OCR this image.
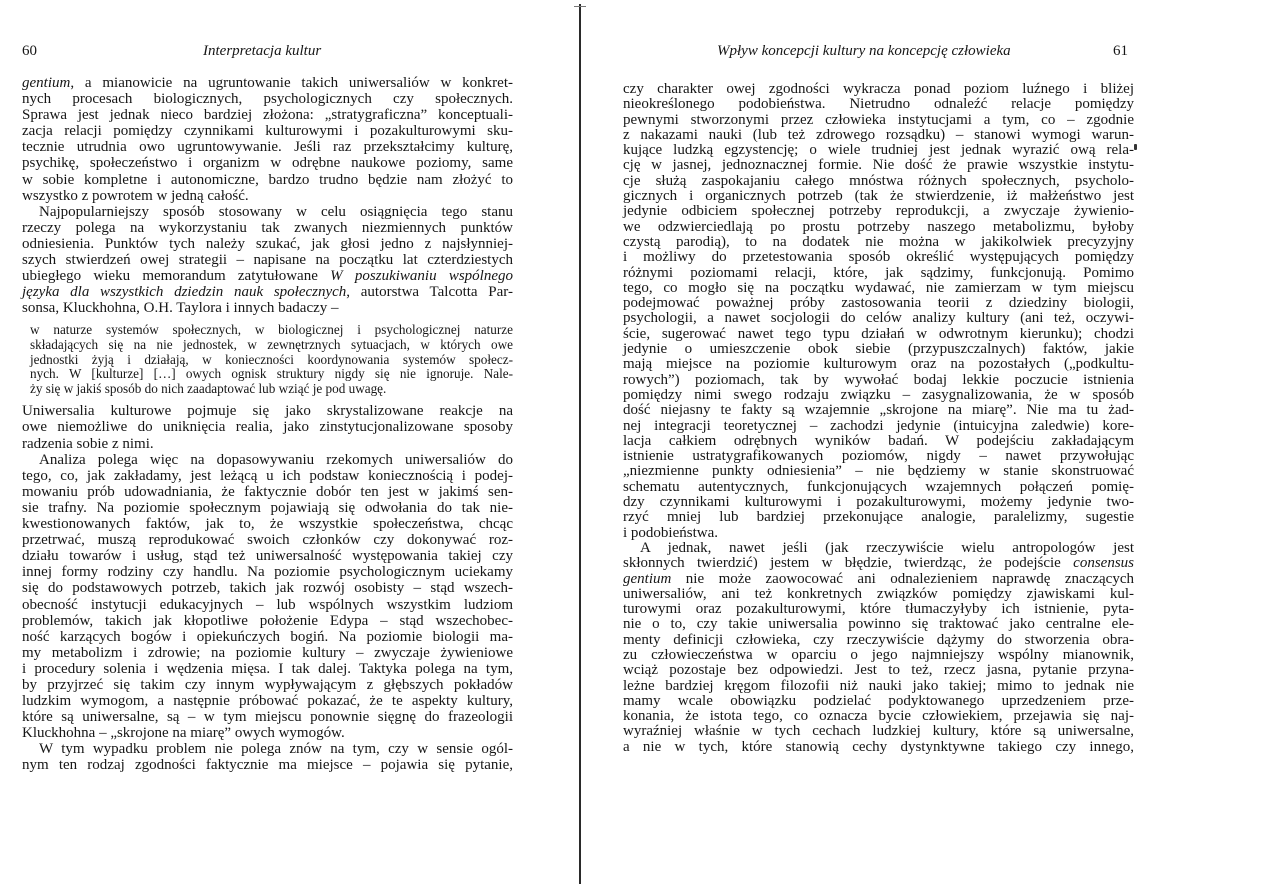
60	Interpretacja kultur
gentium, a mianowicie na ugruntowanie takich uniwersaliów w konkret-
nych procesach biologicznych, psychologicznych czy społecznych.
Sprawa jest jednak nieco bardziej złożona: „stratygraficzna” konceptuali-
zacja relacji pomiędzy czynnikami kulturowymi i pozakulturowymi sku-
tecznie utrudnia owo ugruntowywanie. Jeśli raz przekształcimy kulturę,
psychikę, społeczeństwo i organizm w odrębne naukowe poziomy, same
w sobie kompletne i autonomiczne, bardzo trudno będzie nam złożyć to
wszystko z powrotem w jedną całość.
Najpopularniejszy sposób stosowany w celu osiągnięcia tego stanu
rzeczy polega na wykorzystaniu tak zwanych niezmiennych punktów
odniesienia. Punktów tych należy szukać, jak głosi jedno z najsłynniej-
szych stwierdzeń owej strategii – napisane na początku lat czterdziestych
ubiegłego wieku memorandum zatytułowane W poszukiwaniu wspólnego
języka dla wszystkich dziedzin nauk społecznych, autorstwa Talcotta Par-
sonsa, Kluckhohna, O.H. Taylora i innych badaczy –
w naturze systemów społecznych, w biologicznej i psychologicznej naturze
składających się na nie jednostek, w zewnętrznych sytuacjach, w których owe
jednostki żyją i działają, w konieczności koordynowania systemów społecz-
nych. W [kulturze] […] owych ognisk struktury nigdy się nie ignoruje. Nale-
ży się w jakiś sposób do nich zaadaptować lub wziąć je pod uwagę.
Uniwersalia kulturowe pojmuje się jako skrystalizowane reakcje na
owe niemożliwe do uniknięcia realia, jako zinstytucjonalizowane sposoby
radzenia sobie z nimi.
Analiza polega więc na dopasowywaniu rzekomych uniwersaliów do
tego, co, jak zakładamy, jest leżącą u ich podstaw koniecznością i podej-
mowaniu prób udowadniania, że faktycznie dobór ten jest w jakimś sen-
sie trafny. Na poziomie społecznym pojawiają się odwołania do tak nie-
kwestionowanych faktów, jak to, że wszystkie społeczeństwa, chcąc
przetrwać, muszą reprodukować swoich członków czy dokonywać roz-
działu towarów i usług, stąd też uniwersalność występowania takiej czy
innej formy rodziny czy handlu. Na poziomie psychologicznym uciekamy
się do podstawowych potrzeb, takich jak rozwój osobisty – stąd wszech-
obecność instytucji edukacyjnych – lub wspólnych wszystkim ludziom
problemów, takich jak kłopotliwe położenie Edypa – stąd wszechobec-
ność karzących bogów i opiekuńczych bogiń. Na poziomie biologii ma-
my metabolizm i zdrowie; na poziomie kultury – zwyczaje żywieniowe
i procedury solenia i wędzenia mięsa. I tak dalej. Taktyka polega na tym,
by przyjrzeć się takim czy innym wypływającym z głębszych pokładów
ludzkim wymogom, a następnie próbować pokazać, że te aspekty kultury,
które są uniwersalne, są – w tym miejscu ponownie sięgnę do frazeologii
Kluckhohna – „skrojone na miarę” owych wymogów.
W tym wypadku problem nie polega znów na tym, czy w sensie ogól-
nym ten rodzaj zgodności faktycznie ma miejsce – pojawia się pytanie,
Wpływ koncepcji kultury na koncepcję człowieka	61
czy charakter owej zgodności wykracza ponad poziom luźnego i bliżej
nieokreślonego podobieństwa. Nietrudno odnaleźć relacje pomiędzy
pewnymi stworzonymi przez człowieka instytucjami a tym, co – zgodnie
z nakazami nauki (lub też zdrowego rozsądku) – stanowi wymogi warun-
kujące ludzką egzystencję; o wiele trudniej jest jednak wyrazić ową rela-
cję w jasnej, jednoznacznej formie. Nie dość że prawie wszystkie instytu-
cje służą zaspokajaniu całego mnóstwa różnych społecznych, psycholo-
gicznych i organicznych potrzeb (tak że stwierdzenie, iż małżeństwo jest
jedynie odbiciem społecznej potrzeby reprodukcji, a zwyczaje żywienio-
we odzwierciedlają po prostu potrzeby naszego metabolizmu, byłoby
czystą parodią), to na dodatek nie można w jakikolwiek precyzyjny
i możliwy do przetestowania sposób określić występujących pomiędzy
różnymi poziomami relacji, które, jak sądzimy, funkcjonują. Pomimo
tego, co mogło się na początku wydawać, nie zamierzam w tym miejscu
podejmować poważnej próby zastosowania teorii z dziedziny biologii,
psychologii, a nawet socjologii do celów analizy kultury (ani też, oczywi-
ście, sugerować nawet tego typu działań w odwrotnym kierunku); chodzi
jedynie o umieszczenie obok siebie (przypuszczalnych) faktów, jakie
mają miejsce na poziomie kulturowym oraz na pozostałych („podkultu-
rowych”) poziomach, tak by wywołać bodaj lekkie poczucie istnienia
pomiędzy nimi swego rodzaju związku – zasygnalizowania, że w sposób
dość niejasny te fakty są wzajemnie „skrojone na miarę”. Nie ma tu żad-
nej integracji teoretycznej – zachodzi jedynie (intuicyjna zaledwie) kore-
lacja całkiem odrębnych wyników badań. W podejściu zakładającym
istnienie ustratygrafikowanych poziomów, nigdy – nawet przywołując
„niezmienne punkty odniesienia” – nie będziemy w stanie skonstruować
schematu autentycznych, funkcjonujących wzajemnych połączeń pomię-
dzy czynnikami kulturowymi i pozakulturowymi, możemy jedynie two-
rzyć mniej lub bardziej przekonujące analogie, paralelizmy, sugestie
i podobieństwa.
A jednak, nawet jeśli (jak rzeczywiście wielu antropologów jest
skłonnych twierdzić) jestem w błędzie, twierdząc, że podejście consensus
gentium nie może zaowocować ani odnalezieniem naprawdę znaczących
uniwersaliów, ani też konkretnych związków pomiędzy zjawiskami kul-
turowymi oraz pozakulturowymi, które tłumaczyłyby ich istnienie, pyta-
nie o to, czy takie uniwersalia powinno się traktować jako centralne ele-
menty definicji człowieka, czy rzeczywiście dążymy do stworzenia obra-
zu człowieczeństwa w oparciu o jego najmniejszy wspólny mianownik,
wciąż pozostaje bez odpowiedzi. Jest to też, rzecz jasna, pytanie przyna-
leżne bardziej kręgom filozofii niż nauki jako takiej; mimo to jednak nie
mamy wcale obowiązku podzielać podyktowanego uprzedzeniem prze-
konania, że istota tego, co oznacza bycie człowiekiem, przejawia się naj-
wyraźniej właśnie w tych cechach ludzkiej kultury, które są uniwersalne,
a nie w tych, które stanowią cechy dystynktywne takiego czy innego,
